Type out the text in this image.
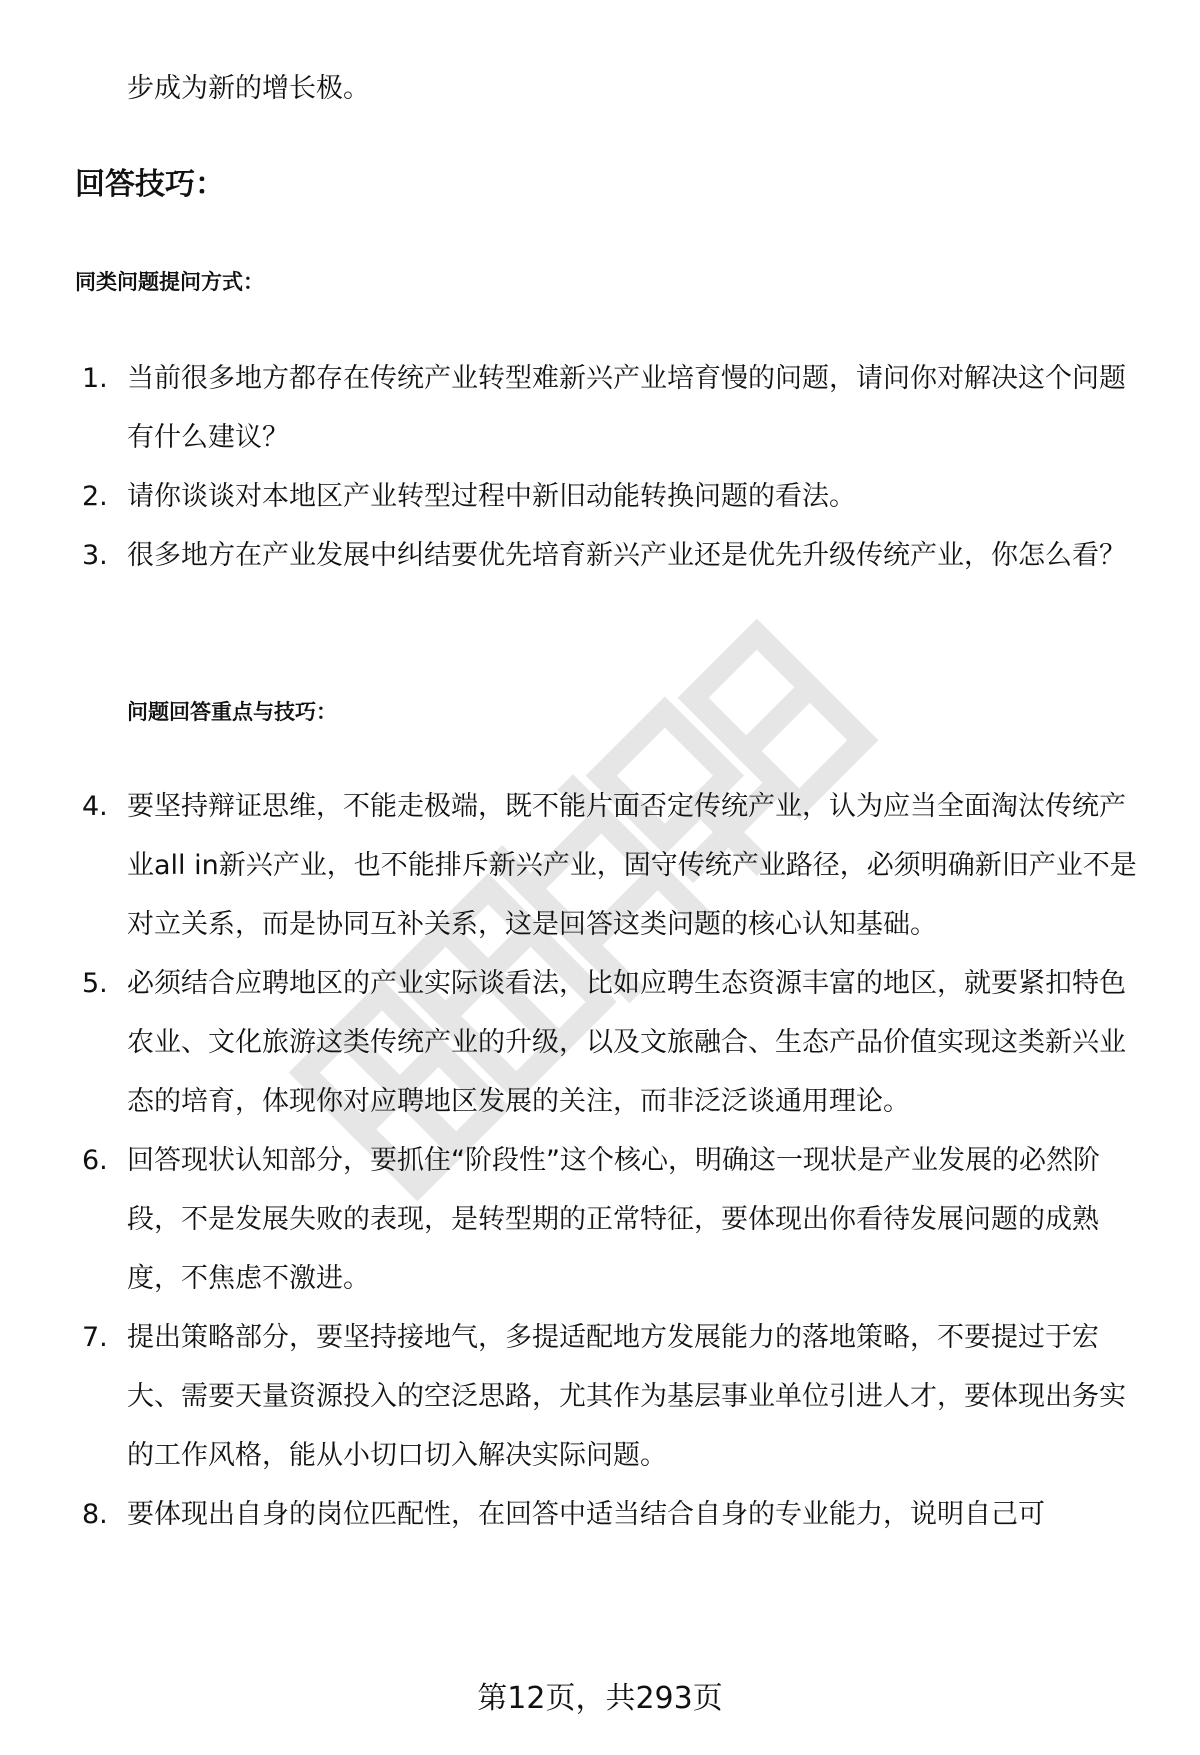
步成为新的增长极。
回答技巧：
同类问题提问方式：
1. 当前很多地方都存在传统产业转型难新兴产业培育慢的问题，请问你对解决这个问题有什么建议？
2. 请你谈谈对本地区产业转型过程中新旧动能转换问题的看法。
3. 很多地方在产业发展中纠结要优先培育新兴产业还是优先升级传统产业，你怎么看？
问题回答重点与技巧：
4. 要坚持辩证思维，不能走极端，既不能片面否定传统产业，认为应当全面淘汰传统产业all in新兴产业，也不能排斥新兴产业，固守传统产业路径，必须明确新旧产业不是对立关系，而是协同互补关系，这是回答这类问题的核心认知基础。
5. 必须结合应聘地区的产业实际谈看法，比如应聘生态资源丰富的地区，就要紧扣特色农业、文化旅游这类传统产业的升级，以及文旅融合、生态产品价值实现这类新兴业态的培育，体现你对应聘地区发展的关注，而非泛泛谈通用理论。
6. 回答现状认知部分，要抓住“阶段性”这个核心，明确这一现状是产业发展的必然阶段，不是发展失败的表现，是转型期的正常特征，要体现出你看待发展问题的成熟度，不焦虑不激进。
7. 提出策略部分，要坚持接地气，多提适配地方发展能力的落地策略，不要提过于宏大、需要天量资源投入的空泛思路，尤其作为基层事业单位引进人才，要体现出务实的工作风格，能从小切口切入解决实际问题。
8. 要体现出自身的岗位匹配性，在回答中适当结合自身的专业能力，说明自己可
第12页，共293页
